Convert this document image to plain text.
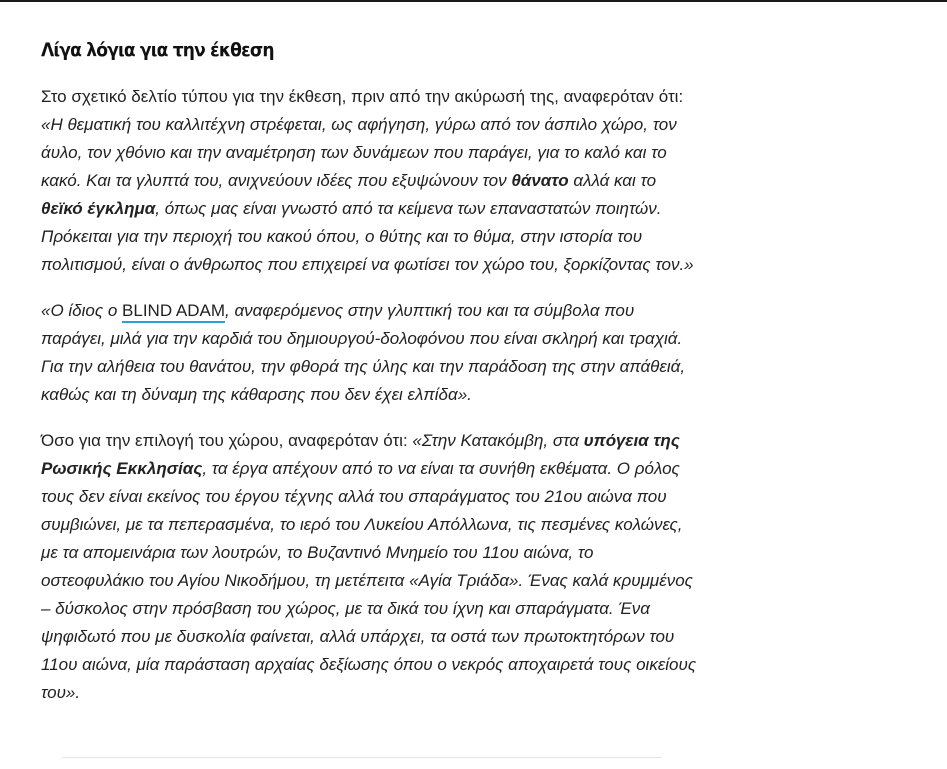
Λίγα λόγια για την έκθεση

Στο σχετικό δελτίο τύπου για την έκθεση, πριν από την ακύρωσή της, αναφερόταν ότι: «Η θεματική του καλλιτέχνη στρέφεται, ως αφήγηση, γύρω από τον άσπιλο χώρο, τον άυλο, τον χθόνιο και την αναμέτρηση των δυνάμεων που παράγει, για το καλό και το κακό. Και τα γλυπτά του, ανιχνεύουν ιδέες που εξυψώνουν τον θάνατο αλλά και το θεϊκό έγκλημα, όπως μας είναι γνωστό από τα κείμενα των επαναστατών ποιητών. Πρόκειται για την περιοχή του κακού όπου, ο θύτης και το θύμα, στην ιστορία του πολιτισμού, είναι ο άνθρωπος που επιχειρεί να φωτίσει τον χώρο του, ξορκίζοντας τον.»

«Ο ίδιος ο BLIND ADAM, αναφερόμενος στην γλυπτική του και τα σύμβολα που παράγει, μιλά για την καρδιά του δημιουργού-δολοφόνου που είναι σκληρή και τραχιά. Για την αλήθεια του θανάτου, την φθορά της ύλης και την παράδοση της στην απάθειά, καθώς και τη δύναμη της κάθαρσης που δεν έχει ελπίδα».

Όσο για την επιλογή του χώρου, αναφερόταν ότι: «Στην Κατακόμβη, στα υπόγεια της Ρωσικής Εκκλησίας, τα έργα απέχουν από το να είναι τα συνήθη εκθέματα. Ο ρόλος τους δεν είναι εκείνος του έργου τέχνης αλλά του σπαράγματος του 21ου αιώνα που συμβιώνει, με τα πεπερασμένα, το ιερό του Λυκείου Απόλλωνα, τις πεσμένες κολώνες, με τα απομεινάρια των λουτρών, το Βυζαντινό Μνημείο του 11ου αιώνα, το οστεοφυλάκιο του Αγίου Νικοδήμου, τη μετέπειτα «Αγία Τριάδα». Ένας καλά κρυμμένος – δύσκολος στην πρόσβαση του χώρος, με τα δικά του ίχνη και σπαράγματα. Ένα ψηφιδωτό που με δυσκολία φαίνεται, αλλά υπάρχει, τα οστά των πρωτοκτητόρων του 11ου αιώνα, μία παράσταση αρχαίας δεξίωσης όπου ο νεκρός αποχαιρετά τους οικείους του».
